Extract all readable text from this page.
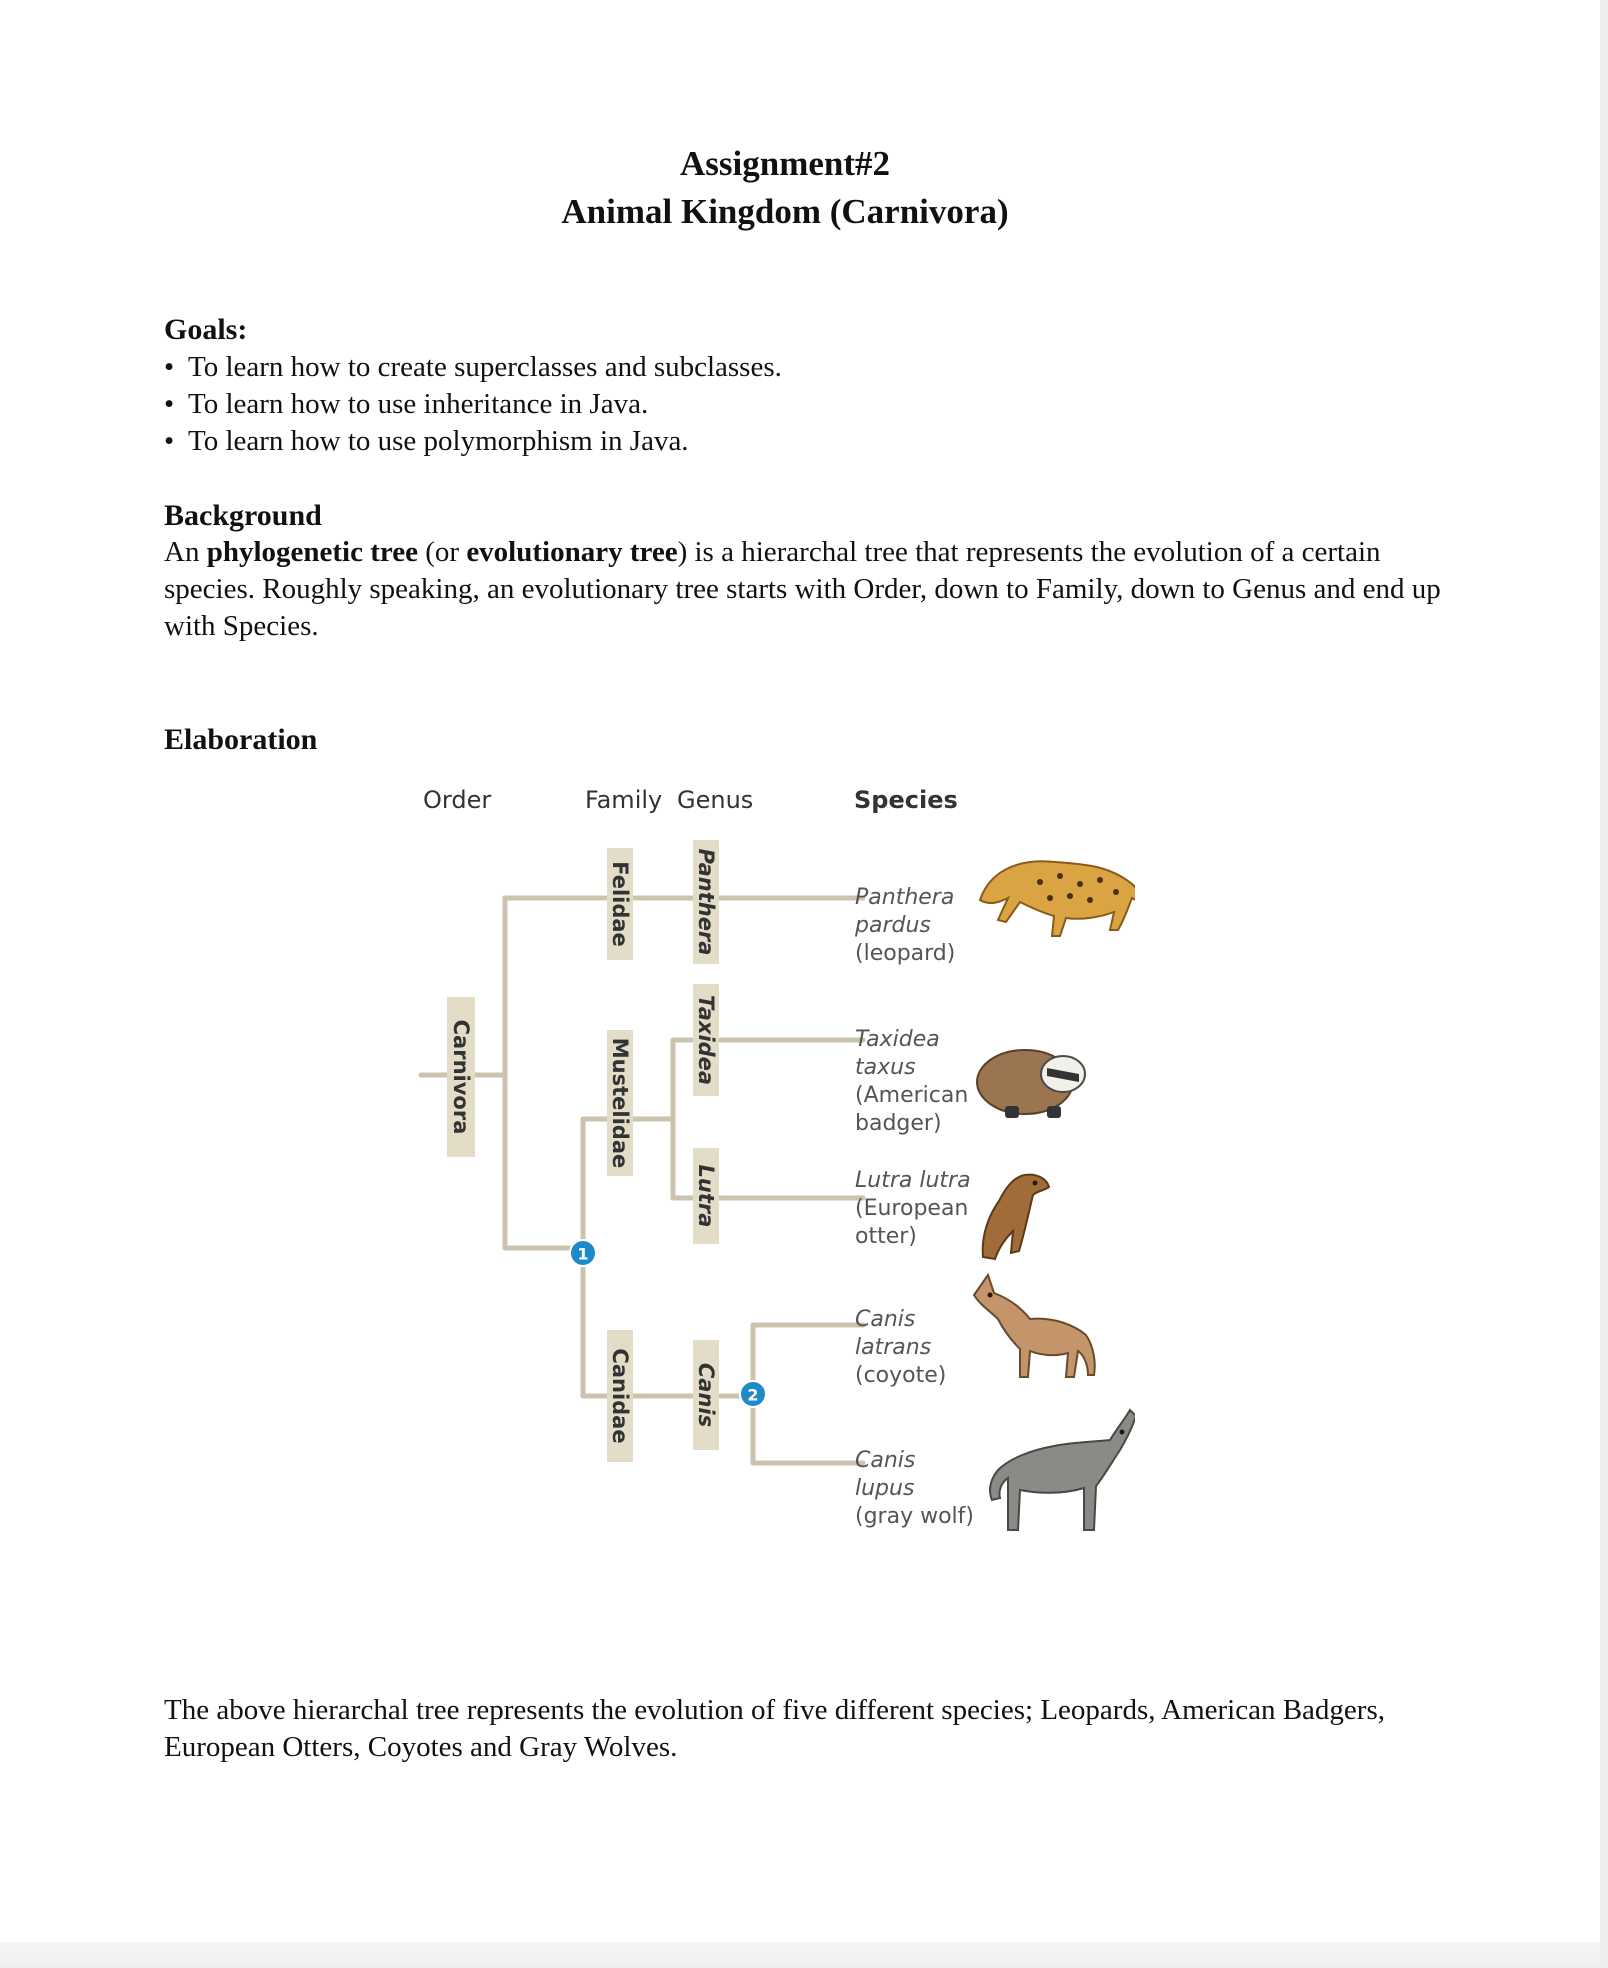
Assignment#2
Animal Kingdom (Carnivora)
Goals:
• To learn how to create superclasses and subclasses.
• To learn how to use inheritance in Java.
• To learn how to use polymorphism in Java.
Background

An phylogenetic tree (or evolutionary tree) is a hierarchal tree that represents the evolution of a certain species. Roughly speaking, an evolutionary tree starts with Order, down to Family, down to Genus and end up with Species.

Elaboration
Order	Family Genus	Species
Carnivora
Felidae
Mustelidae
Canidae
Panthera
Taxidea
Lutra
Canis
1
2
Panthera
pardus
(leopard)
Taxidea
taxus
(American
badger)
Lutra lutra
(European
otter)
Canis
latrans
(coyote)
Canis
lupus
(gray wolf)

The above hierarchal tree represents the evolution of five different species; Leopards, American Badgers, European Otters, Coyotes and Gray Wolves.
